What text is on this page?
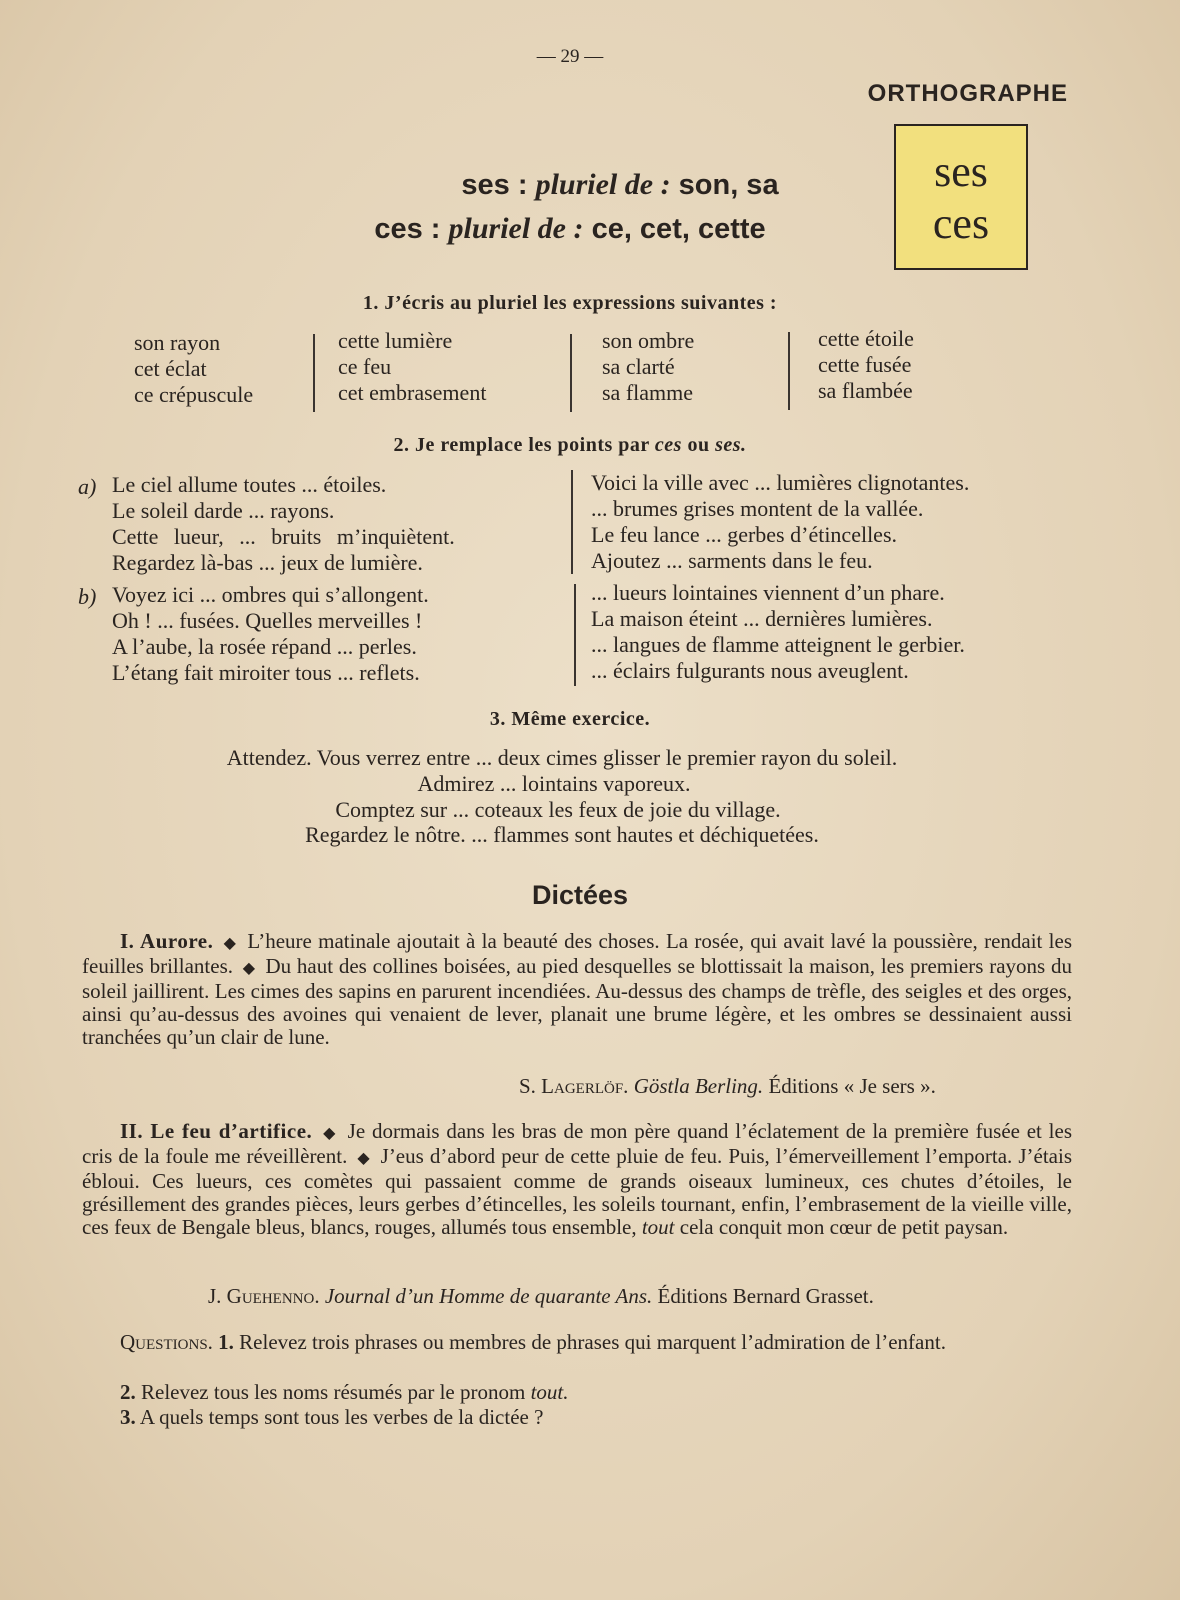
— 29 —
ORTHOGRAPHE
ses : pluriel de : son, sa
ces : pluriel de : ce, cet, cette
ses
ces
1. J’écris au pluriel les expressions suivantes :
son rayon
cet éclat
ce crépuscule
cette lumière
ce feu
cet embrasement
son ombre
sa clarté
sa flamme
cette étoile
cette fusée
sa flambée
2. Je remplace les points par ces ou ses.
a) Le ciel allume toutes ... étoiles.
Le soleil darde ... rayons.
Cette lueur, ... bruits m’inquiètent.
Regardez là-bas ... jeux de lumière.
Voici la ville avec ... lumières clignotantes.
... brumes grises montent de la vallée.
Le feu lance ... gerbes d’étincelles.
Ajoutez ... sarments dans le feu.
b) Voyez ici ... ombres qui s’allongent.
Oh ! ... fusées. Quelles merveilles !
A l’aube, la rosée répand ... perles.
L’étang fait miroiter tous ... reflets.
... lueurs lointaines viennent d’un phare.
La maison éteint ... dernières lumières.
... langues de flamme atteignent le gerbier.
... éclairs fulgurants nous aveuglent.
3. Même exercice.
Attendez. Vous verrez entre ... deux cimes glisser le premier rayon du soleil.
Admirez ... lointains vaporeux.
Comptez sur ... coteaux les feux de joie du village.
Regardez le nôtre. ... flammes sont hautes et déchiquetées.
Dictées
I. Aurore. ◆ L’heure matinale ajoutait à la beauté des choses. La rosée, qui avait lavé la poussière, rendait les feuilles brillantes. ◆ Du haut des collines boisées, au pied desquelles se blottissait la maison, les premiers rayons du soleil jaillirent. Les cimes des sapins en parurent incendiées. Au-dessus des champs de trèfle, des seigles et des orges, ainsi qu’au-dessus des avoines qui venaient de lever, planait une brume légère, et les ombres se dessinaient aussi tranchées qu’un clair de lune.
S. Lagerlöf. Göstla Berling. Éditions « Je sers ».
II. Le feu d’artifice. ◆ Je dormais dans les bras de mon père quand l’éclatement de la première fusée et les cris de la foule me réveillèrent. ◆ J’eus d’abord peur de cette pluie de feu. Puis, l’émerveillement l’emporta. J’étais ébloui. Ces lueurs, ces comètes qui passaient comme de grands oiseaux lumineux, ces chutes d’étoiles, le grésillement des grandes pièces, leurs gerbes d’étincelles, les soleils tournant, enfin, l’embrasement de la vieille ville, ces feux de Bengale bleus, blancs, rouges, allumés tous ensemble, tout cela conquit mon cœur de petit paysan.
J. Guehenno. Journal d’un Homme de quarante Ans. Éditions Bernard Grasset.
Questions. 1. Relevez trois phrases ou membres de phrases qui marquent l’admiration de l’enfant.
2. Relevez tous les noms résumés par le pronom tout.
3. A quels temps sont tous les verbes de la dictée ?
